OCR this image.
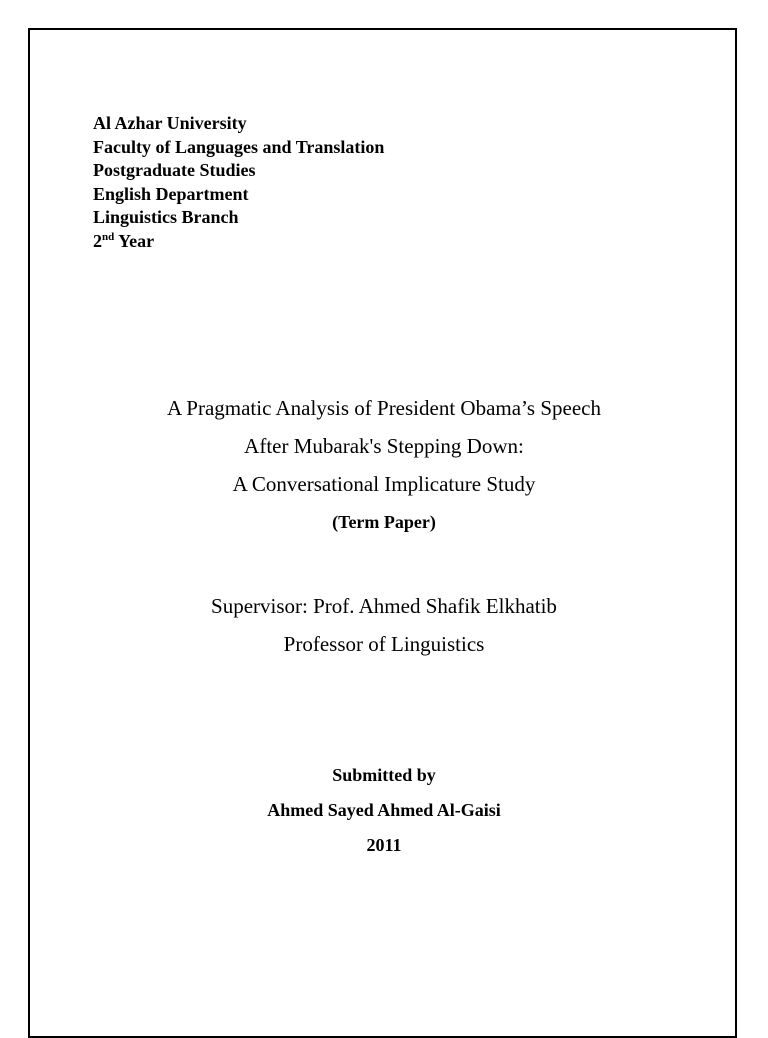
Al Azhar University
Faculty of Languages and Translation
Postgraduate Studies
English Department
Linguistics Branch
2nd Year
A Pragmatic Analysis of President Obama’s Speech
After Mubarak's Stepping Down:
A Conversational Implicature Study
(Term Paper)
Supervisor: Prof. Ahmed Shafik Elkhatib
Professor of Linguistics
Submitted by
Ahmed Sayed Ahmed Al-Gaisi
2011
